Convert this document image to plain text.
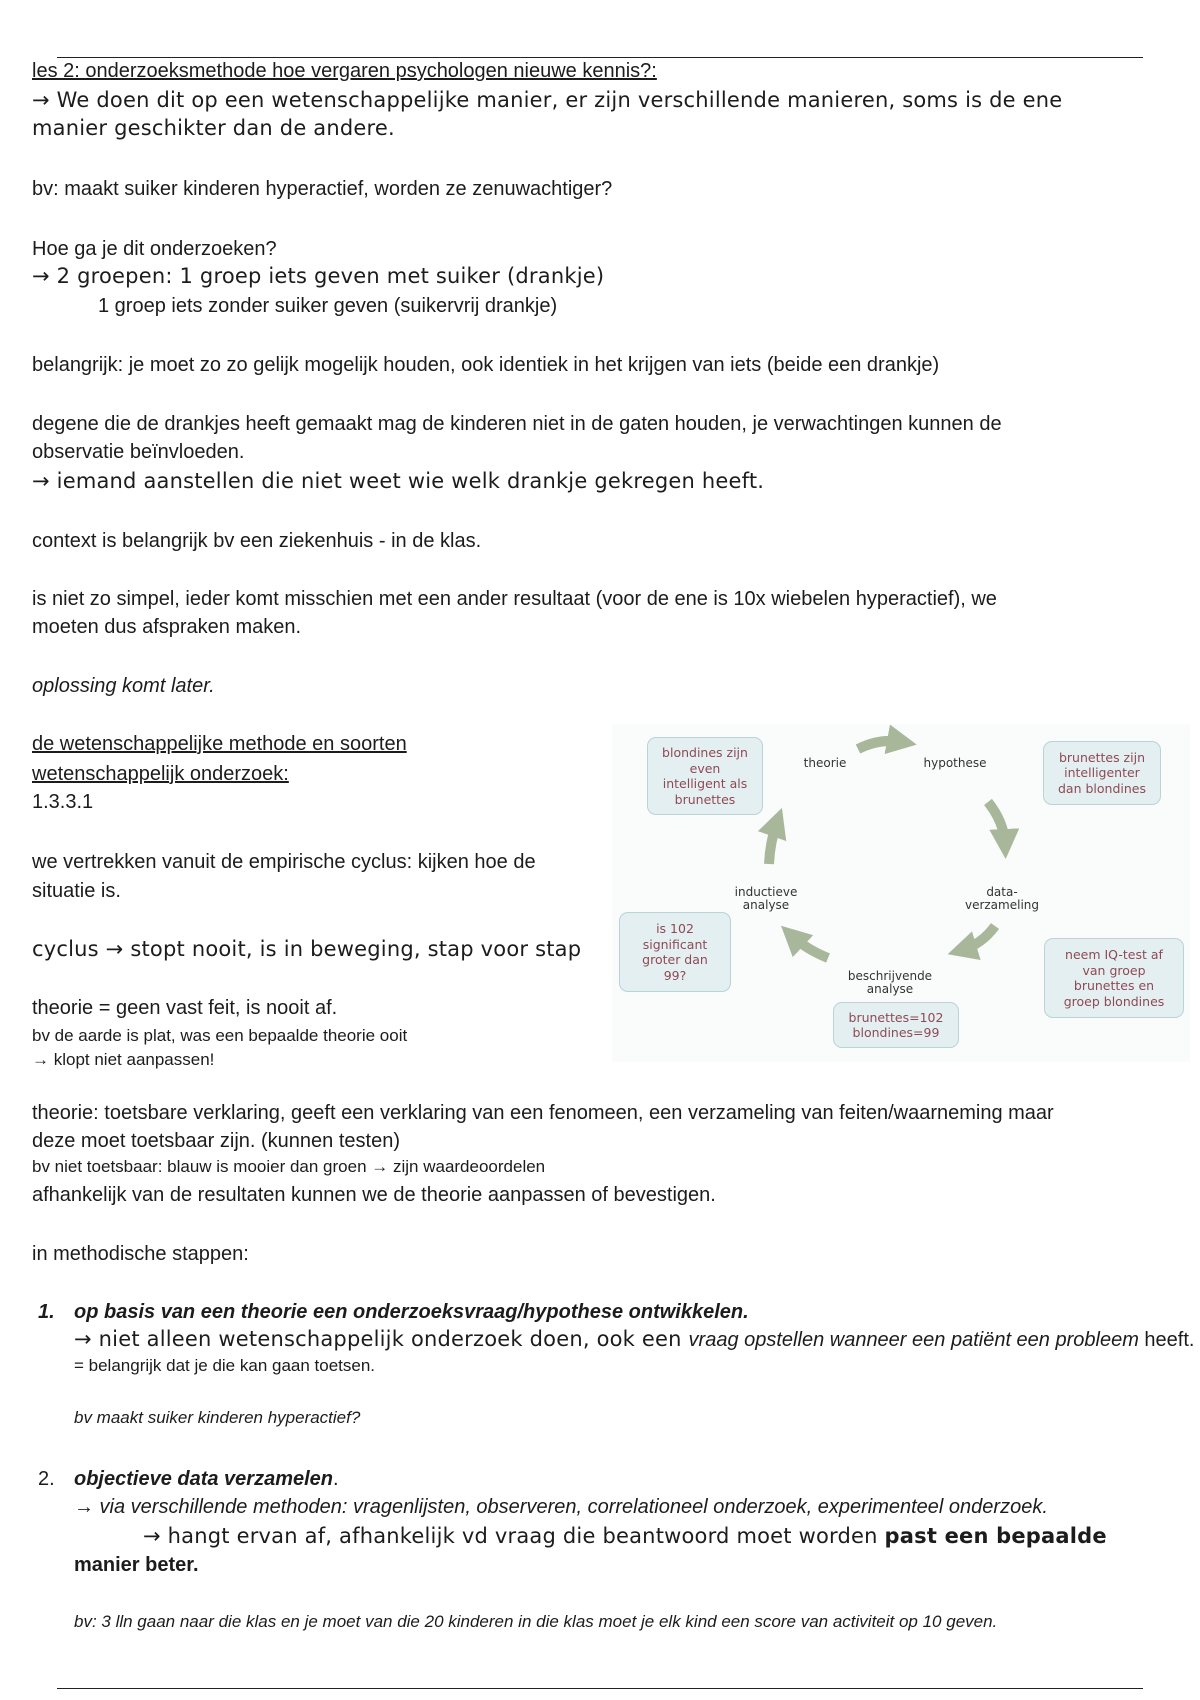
les 2: onderzoeksmethode hoe vergaren psychologen nieuwe kennis?:

→ We doen dit op een wetenschappelijke manier, er zijn verschillende manieren, soms is de ene

manier geschikter dan de andere.

bv: maakt suiker kinderen hyperactief, worden ze zenuwachtiger?

Hoe ga je dit onderzoeken?

→ 2 groepen: 1 groep iets geven met suiker (drankje)

1 groep iets zonder suiker geven (suikervrij drankje)

belangrijk: je moet zo zo gelijk mogelijk houden, ook identiek in het krijgen van iets (beide een drankje)

degene die de drankjes heeft gemaakt mag de kinderen niet in de gaten houden, je verwachtingen kunnen de

observatie beïnvloeden.

→ iemand aanstellen die niet weet wie welk drankje gekregen heeft.

context is belangrijk bv een ziekenhuis - in de klas.

is niet zo simpel, ieder komt misschien met een ander resultaat (voor de ene is 10x wiebelen hyperactief), we

moeten dus afspraken maken.

oplossing komt later.

de wetenschappelijke methode en soorten

wetenschappelijk onderzoek:

1.3.3.1

we vertrekken vanuit de empirische cyclus: kijken hoe de

situatie is.

cyclus → stopt nooit, is in beweging, stap voor stap

theorie = geen vast feit, is nooit af.

bv de aarde is plat, was een bepaalde theorie ooit

→ klopt niet aanpassen!

theorie	hypothese
data-
verzameling
beschrijvende
analyse
inductieve
analyse
blondines zijn
even
intelligent als
brunettes
brunettes zijn
intelligenter
dan blondines
neem IQ-test af
van groep
brunettes en
groep blondines
brunettes=102
blondines=99
is 102
significant
groter dan
99?

theorie: toetsbare verklaring, geeft een verklaring van een fenomeen, een verzameling van feiten/waarneming maar

deze moet toetsbaar zijn. (kunnen testen)

bv niet toetsbaar: blauw is mooier dan groen → zijn waardeoordelen

afhankelijk van de resultaten kunnen we de theorie aanpassen of bevestigen.

in methodische stappen:

1. op basis van een theorie een onderzoeksvraag/hypothese ontwikkelen.

→ niet alleen wetenschappelijk onderzoek doen, ook een vraag opstellen wanneer een patiënt een probleem heeft.

= belangrijk dat je die kan gaan toetsen.

bv maakt suiker kinderen hyperactief?

2. objectieve data verzamelen.

→ via verschillende methoden: vragenlijsten, observeren, correlationeel onderzoek, experimenteel onderzoek.

→ hangt ervan af, afhankelijk vd vraag die beantwoord moet worden past een bepaalde

manier beter.

bv: 3 lln gaan naar die klas en je moet van die 20 kinderen in die klas moet je elk kind een score van activiteit op 10 geven.
